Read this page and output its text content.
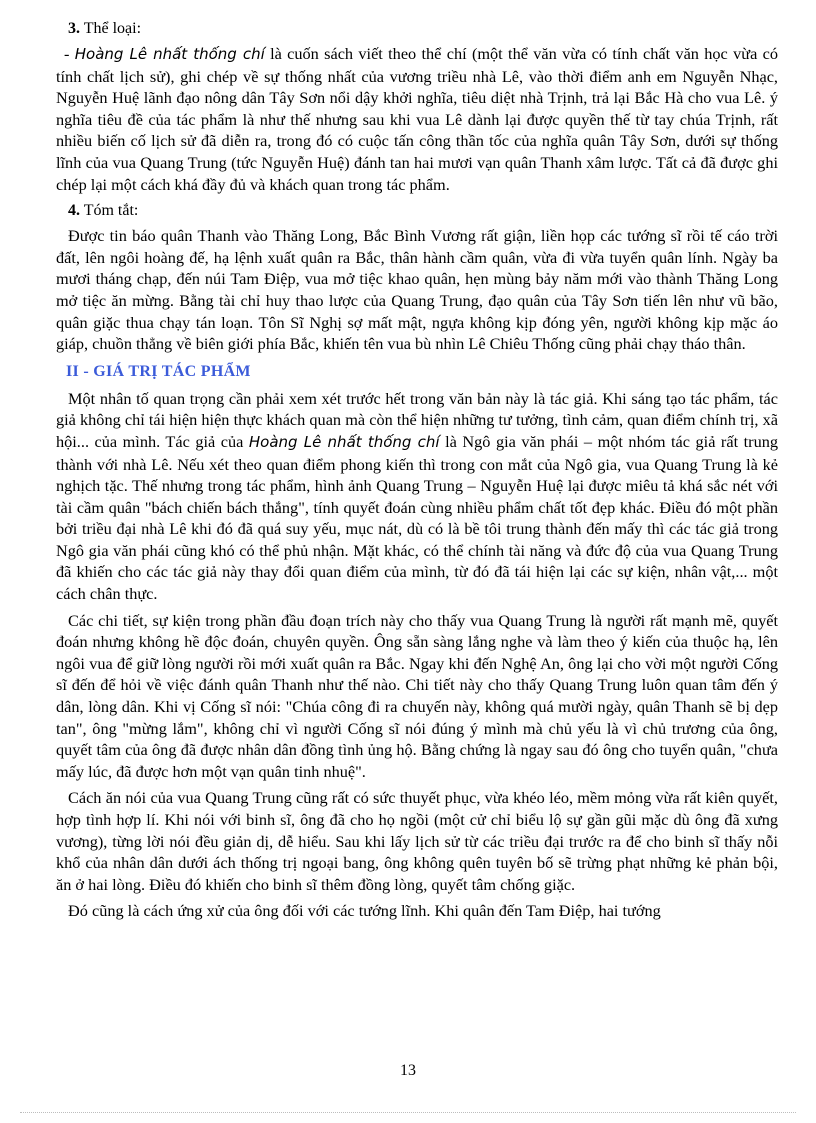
3. Thể loại:

- Hoàng Lê nhất thống chí là cuốn sách viết theo thể chí (một thể văn vừa có tính chất văn học vừa có tính chất lịch sử), ghi chép về sự thống nhất của vương triều nhà Lê, vào thời điểm anh em Nguyễn Nhạc, Nguyễn Huệ lãnh đạo nông dân Tây Sơn nổi dậy khởi nghĩa, tiêu diệt nhà Trịnh, trả lại Bắc Hà cho vua Lê. ý nghĩa tiêu đề của tác phẩm là như thế nhưng sau khi vua Lê dành lại được quyền thế từ tay chúa Trịnh, rất nhiều biến cố lịch sử đã diễn ra, trong đó có cuộc tấn công thần tốc của nghĩa quân Tây Sơn, dưới sự thống lĩnh của vua Quang Trung (tức Nguyễn Huệ) đánh tan hai mươi vạn quân Thanh xâm lược. Tất cả đã được ghi chép lại một cách khá đầy đủ và khách quan trong tác phẩm.

4. Tóm tắt:

Được tin báo quân Thanh vào Thăng Long, Bắc Bình Vương rất giận, liền họp các tướng sĩ rồi tế cáo trời đất, lên ngôi hoàng đế, hạ lệnh xuất quân ra Bắc, thân hành cầm quân, vừa đi vừa tuyển quân lính. Ngày ba mươi tháng chạp, đến núi Tam Điệp, vua mở tiệc khao quân, hẹn mùng bảy năm mới vào thành Thăng Long mở tiệc ăn mừng. Bằng tài chỉ huy thao lược của Quang Trung, đạo quân của Tây Sơn tiến lên như vũ bão, quân giặc thua chạy tán loạn. Tôn Sĩ Nghị sợ mất mật, ngựa không kịp đóng yên, người không kịp mặc áo giáp, chuồn thẳng về biên giới phía Bắc, khiến tên vua bù nhìn Lê Chiêu Thống cũng phải chạy tháo thân.

II - GIÁ TRỊ TÁC PHẨM

Một nhân tố quan trọng cần phải xem xét trước hết trong văn bản này là tác giả. Khi sáng tạo tác phẩm, tác giả không chỉ tái hiện hiện thực khách quan mà còn thể hiện những tư tưởng, tình cảm, quan điểm chính trị, xã hội... của mình. Tác giả của Hoàng Lê nhất thống chí là Ngô gia văn phái – một nhóm tác giả rất trung thành với nhà Lê. Nếu xét theo quan điểm phong kiến thì trong con mắt của Ngô gia, vua Quang Trung là kẻ nghịch tặc. Thế nhưng trong tác phẩm, hình ảnh Quang Trung – Nguyễn Huệ lại được miêu tả khá sắc nét với tài cầm quân "bách chiến bách thắng", tính quyết đoán cùng nhiều phẩm chất tốt đẹp khác. Điều đó một phần bởi triều đại nhà Lê khi đó đã quá suy yếu, mục nát, dù có là bề tôi trung thành đến mấy thì các tác giả trong Ngô gia văn phái cũng khó có thể phủ nhận. Mặt khác, có thể chính tài năng và đức độ của vua Quang Trung đã khiến cho các tác giả này thay đổi quan điểm của mình, từ đó đã tái hiện lại các sự kiện, nhân vật,... một cách chân thực.

Các chi tiết, sự kiện trong phần đầu đoạn trích này cho thấy vua Quang Trung là người rất mạnh mẽ, quyết đoán nhưng không hề độc đoán, chuyên quyền. Ông sẵn sàng lắng nghe và làm theo ý kiến của thuộc hạ, lên ngôi vua để giữ lòng người rồi mới xuất quân ra Bắc. Ngay khi đến Nghệ An, ông lại cho vời một người Cống sĩ đến để hỏi về việc đánh quân Thanh như thế nào. Chi tiết này cho thấy Quang Trung luôn quan tâm đến ý dân, lòng dân. Khi vị Cống sĩ nói: "Chúa công đi ra chuyến này, không quá mười ngày, quân Thanh sẽ bị dẹp tan", ông "mừng lắm", không chỉ vì người Cống sĩ nói đúng ý mình mà chủ yếu là vì chủ trương của ông, quyết tâm của ông đã được nhân dân đồng tình ủng hộ. Bằng chứng là ngay sau đó ông cho tuyển quân, "chưa mấy lúc, đã được hơn một vạn quân tinh nhuệ".

Cách ăn nói của vua Quang Trung cũng rất có sức thuyết phục, vừa khéo léo, mềm mỏng vừa rất kiên quyết, hợp tình hợp lí. Khi nói với binh sĩ, ông đã cho họ ngồi (một cử chỉ biểu lộ sự gần gũi mặc dù ông đã xưng vương), từng lời nói đều giản dị, dễ hiểu. Sau khi lấy lịch sử từ các triều đại trước ra để cho binh sĩ thấy nỗi khổ của nhân dân dưới ách thống trị ngoại bang, ông không quên tuyên bố sẽ trừng phạt những kẻ phản bội, ăn ở hai lòng. Điều đó khiến cho binh sĩ thêm đồng lòng, quyết tâm chống giặc.

Đó cũng là cách ứng xử của ông đối với các tướng lĩnh. Khi quân đến Tam Điệp, hai tướng

13
